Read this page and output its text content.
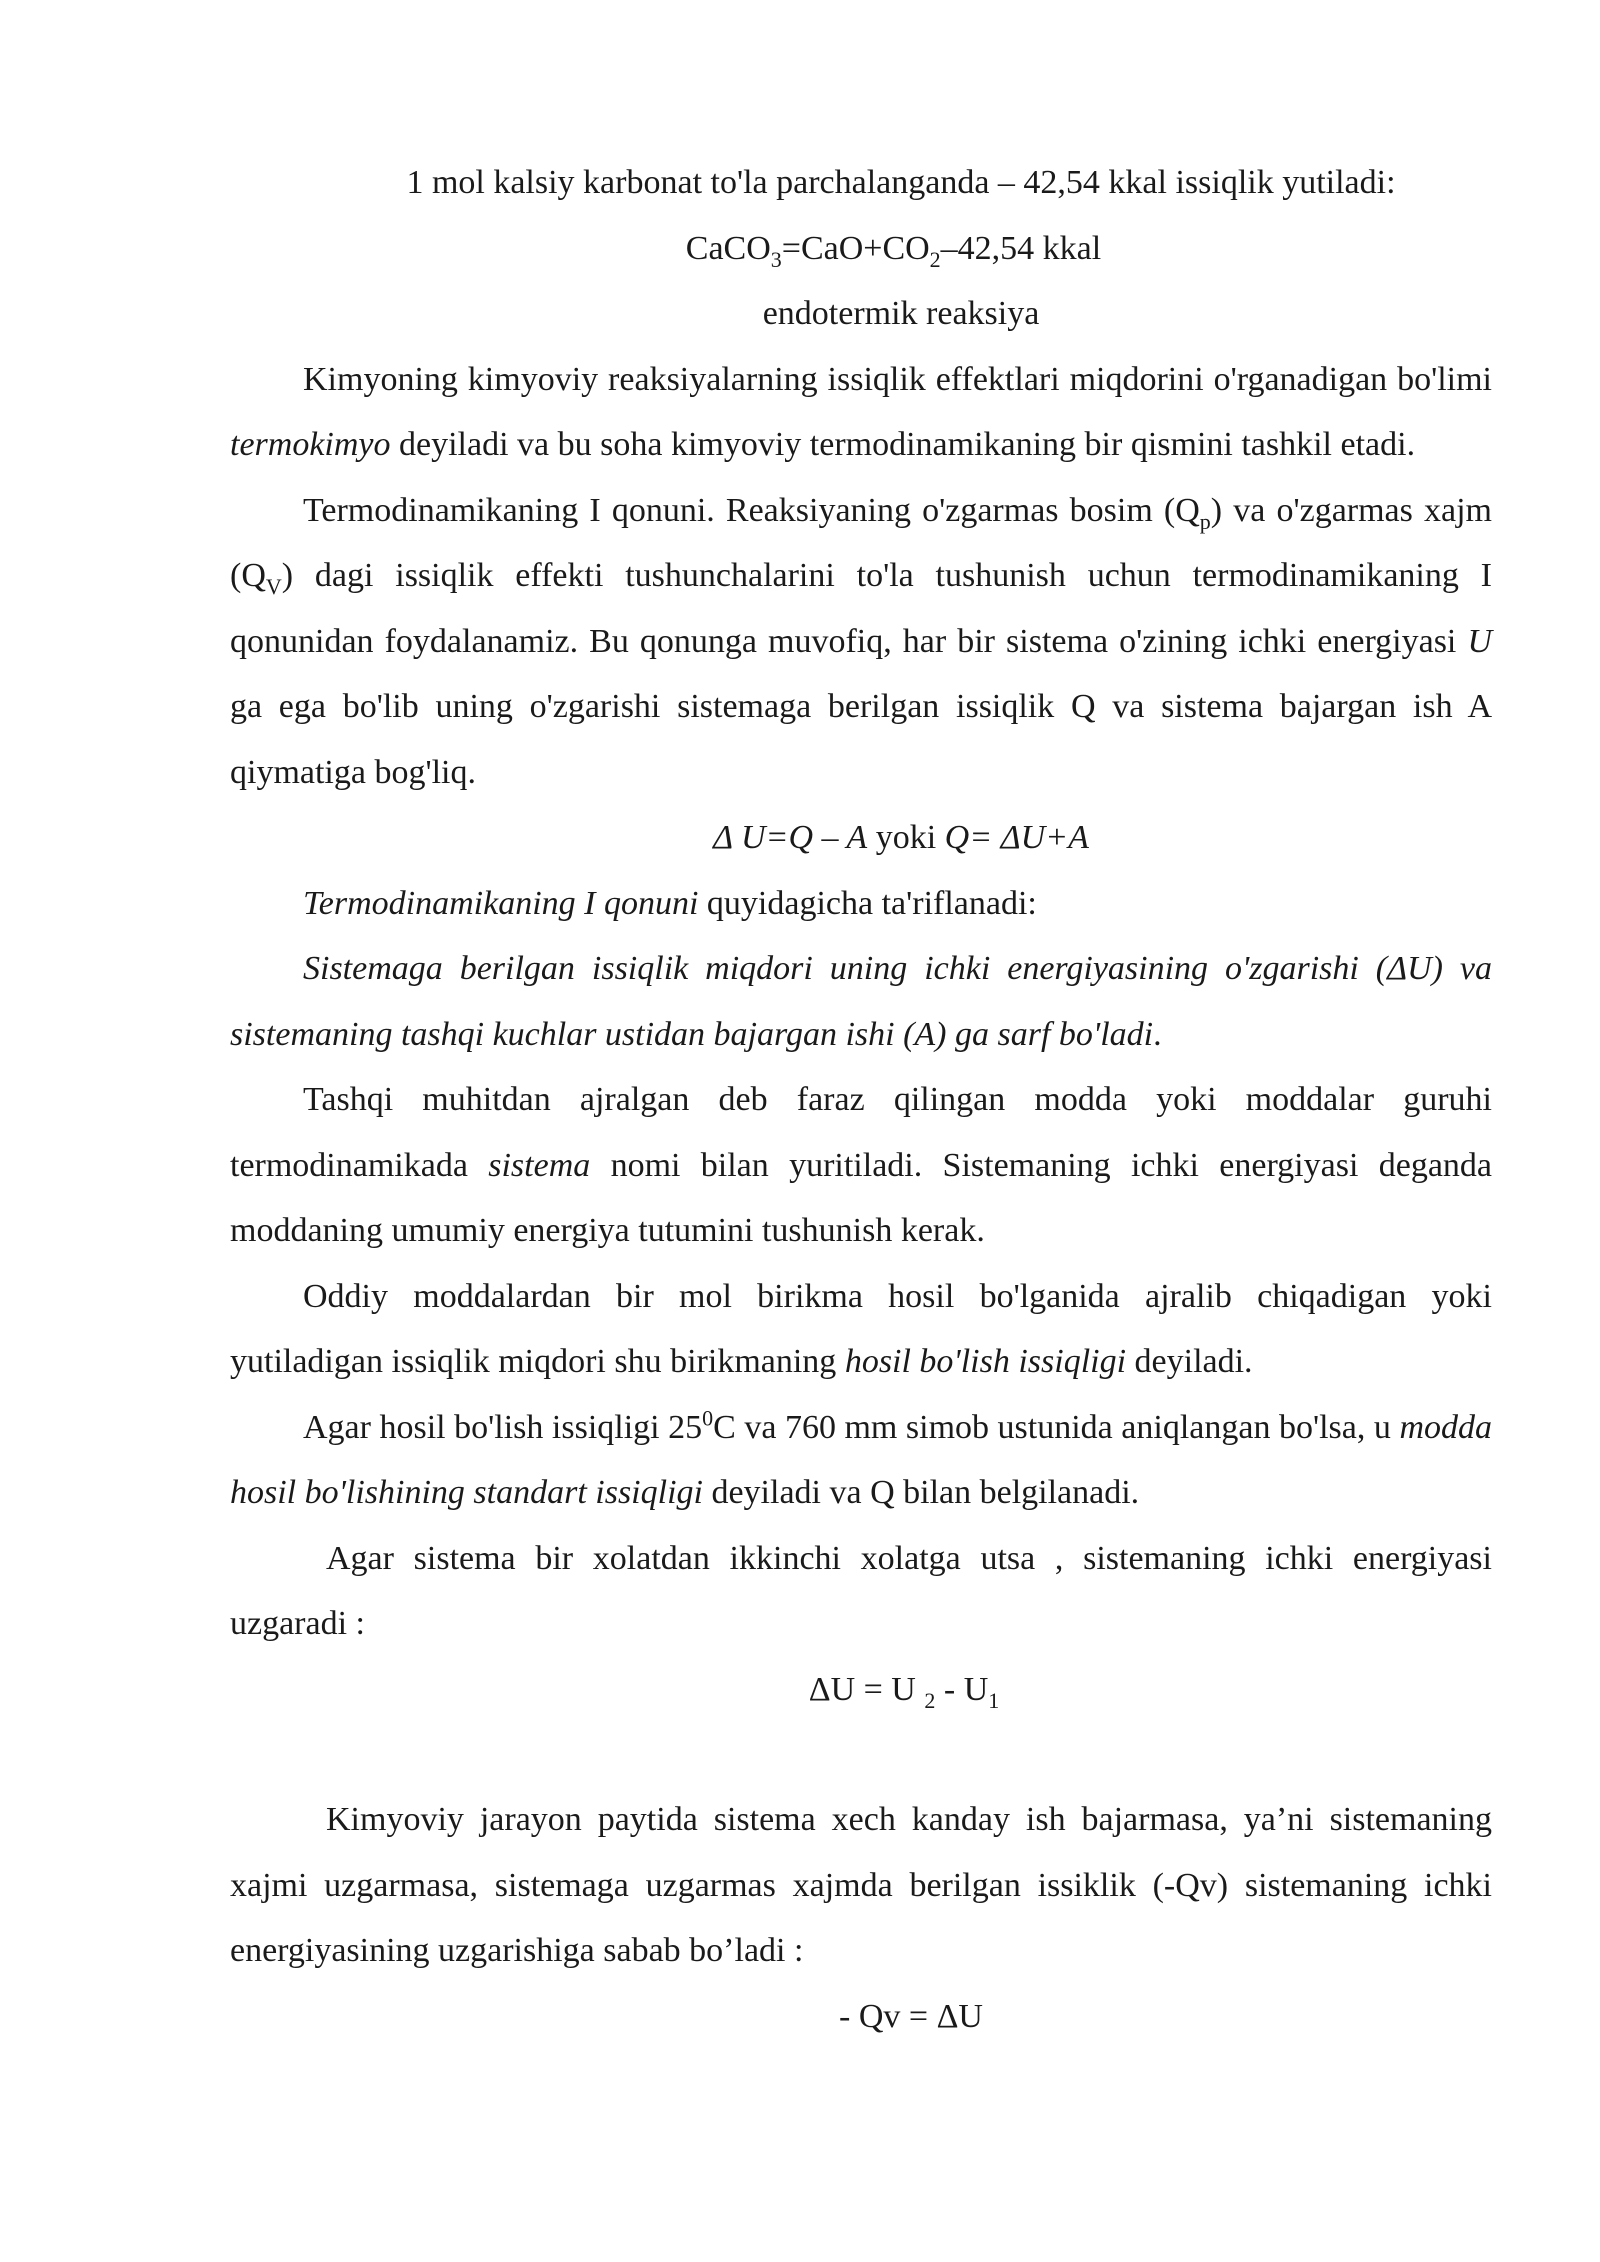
1 mol kalsiy karbonat to'la parchalanganda – 42,54 kkal issiqlik yutiladi:

$CaCO_3=CaO+CO_2-42,54$ kkal

endotermik reaksiya

Kimyoning kimyoviy reaksiyalarning issiqlik effektlari miqdorini o'rganadigan bo'limi termokimyo deyiladi va bu soha kimyoviy termodinamikaning bir qismini tashkil etadi.

Termodinamikaning I qonuni. Reaksiyaning o'zgarmas bosim $(Q_p)$ va o'zgarmas xajm $(Q_V)$ dagi issiqlik effekti tushunchalarini to'la tushunish uchun termodinamikaning I qonunidan foydalanamiz. Bu qonunga muvofiq, har bir sistema o'zining ichki energiyasi U ga ega bo'lib uning o'zgarishi sistemaga berilgan issiqlik Q va sistema bajargan ish A qiymatiga bog'liq.

Δ U=Q – A yoki Q= ΔU+A

Termodinamikaning I qonuni quyidagicha ta'riflanadi:

Sistemaga berilgan issiqlik miqdori uning ichki energiyasining o'zgarishi (ΔU) va sistemaning tashqi kuchlar ustidan bajargan ishi (A) ga sarf bo'ladi.

Tashqi muhitdan ajralgan deb faraz qilingan modda yoki moddalar guruhi termodinamikada sistema nomi bilan yuritiladi. Sistemaning ichki energiyasi deganda moddaning umumiy energiya tutumini tushunish kerak.

Oddiy moddalardan bir mol birikma hosil bo'lganida ajralib chiqadigan yoki yutiladigan issiqlik miqdori shu birikmaning hosil bo'lish issiqligi deyiladi.

Agar hosil bo'lish issiqligi $25^0C$ va 760 mm simob ustunida aniqlangan bo'lsa, u modda hosil bo'lishining standart issiqligi deyiladi va Q bilan belgilanadi.

Agar sistema bir xolatdan ikkinchi xolatga utsa , sistemaning ichki energiyasi uzgaradi :

ΔU = U $_2 - U_1$

Kimyoviy jarayon paytida sistema xech kanday ish bajarmasa, ya’ni sistemaning xajmi uzgarmasa, sistemaga uzgarmas xajmda berilgan issiklik (-Qv) sistemaning ichki energiyasining uzgarishiga sabab bo’ladi :

- Qv = ΔU
